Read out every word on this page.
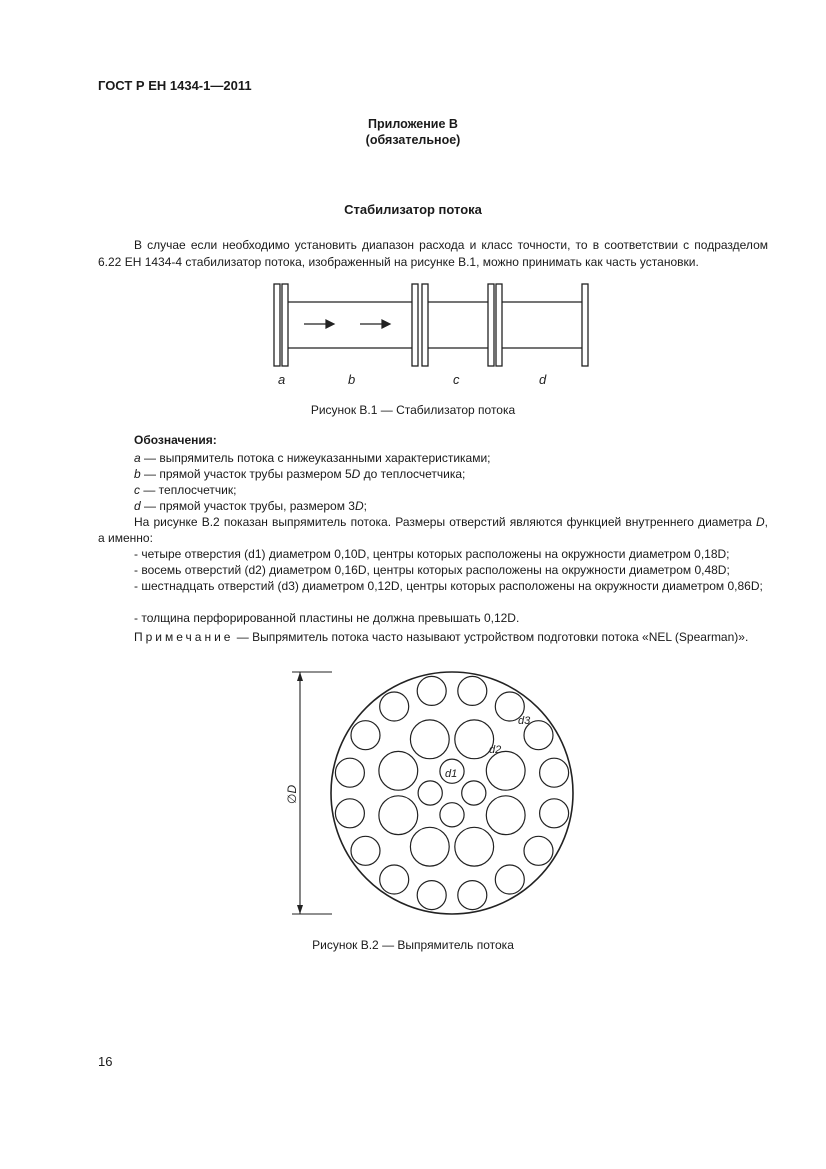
ГОСТ Р ЕН 1434-1—2011
Приложение В
(обязательное)
Стабилизатор потока
В случае если необходимо установить диапазон расхода и класс точности, то в соответствии с подразделом 6.22 ЕН 1434-4 стабилизатор потока, изображенный на рисунке В.1, можно принимать как часть установки.
a	b	c	d
Рисунок В.1 — Стабилизатор потока
Обозначения:
a — выпрямитель потока с нижеуказанными характеристиками;
b — прямой участок трубы размером 5D до теплосчетчика;
c — теплосчетчик;
d — прямой участок трубы, размером 3D;
На рисунке В.2 показан выпрямитель потока. Размеры отверстий являются функцией внутреннего диаметра D, а именно:
- четыре отверстия (d1) диаметром 0,10D, центры которых расположены на окружности диаметром 0,18D;
- восемь отверстий (d2) диаметром 0,16D, центры которых расположены на окружности диаметром 0,48D;
- шестнадцать отверстий (d3) диаметром 0,12D, центры которых расположены на окружности диаметром 0,86D;
- толщина перфорированной пластины не должна превышать 0,12D.
Примечание — Выпрямитель потока часто называют устройством подготовки потока «NEL (Spearman)».
∅D
d1
d2
d3
Рисунок В.2 — Выпрямитель потока
16
